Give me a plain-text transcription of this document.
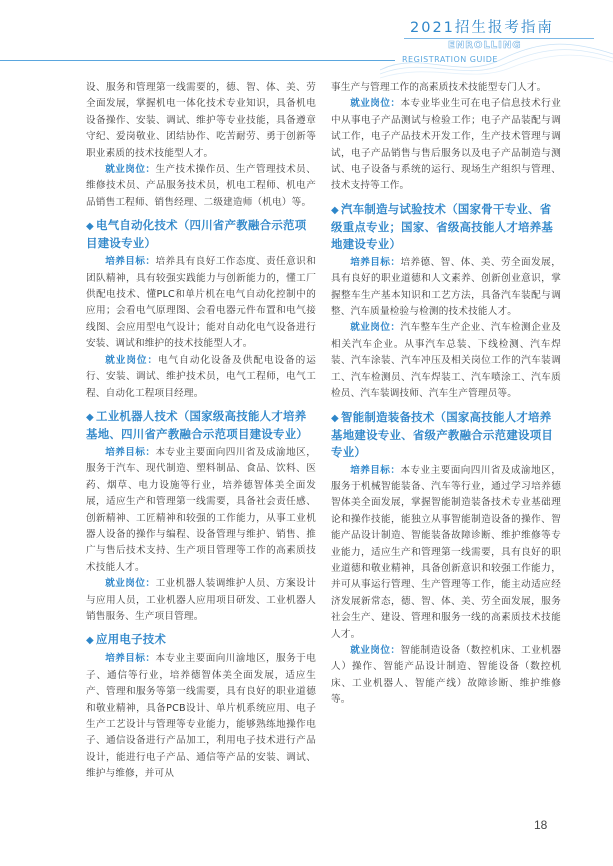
2021招生报考指南
ENROLLING
REGISTRATION GUIDE

设、服务和管理第一线需要的，德、智、体、美、劳全面发展，掌握机电一体化技术专业知识，具备机电设备操作、安装、调试、维护等专业技能，具备遵章守纪、爱岗敬业、团结协作、吃苦耐劳、勇于创新等职业素质的技术技能型人才。

就业岗位：生产技术操作员、生产管理技术员、维修技术员、产品服务技术员，机电工程师、机电产品销售工程师、销售经理、二级建造师（机电）等。

◆ 电气自动化技术（四川省产教融合示范项目建设专业）

培养目标：培养具有良好工作态度、责任意识和团队精神，具有较强实践能力与创新能力的，懂工厂供配电技术、懂PLC和单片机在电气自动化控制中的应用；会看电气原理图、会看电器元件布置和电气接线图、会应用型电气设计；能对自动化电气设备进行安装、调试和维护的技术技能型人才。

就业岗位：电气自动化设备及供配电设备的运行、安装、调试、维护技术员，电气工程师，电气工程、自动化工程项目经理。

◆ 工业机器人技术（国家级高技能人才培养基地、四川省产教融合示范项目建设专业）

培养目标：本专业主要面向四川省及成渝地区，服务于汽车、现代制造、塑料制品、食品、饮料、医药、烟草、电力设施等行业，培养德智体美全面发展，适应生产和管理第一线需要，具备社会责任感、创新精神、工匠精神和较强的工作能力，从事工业机器人设备的操作与编程、设备管理与维护、销售、推广与售后技术支持、生产项目管理等工作的高素质技术技能人才。

就业岗位：工业机器人装调维护人员、方案设计与应用人员，工业机器人应用项目研发、工业机器人销售服务、生产项目管理。

◆ 应用电子技术

培养目标：本专业主要面向川渝地区，服务于电子、通信等行业，培养德智体美全面发展，适应生产、管理和服务等第一线需要，具有良好的职业道德和敬业精神，具备PCB设计、单片机系统应用、电子生产工艺设计与管理等专业能力，能够熟练地操作电子、通信设备进行产品加工，利用电子技术进行产品设计，能进行电子产品、通信等产品的安装、调试、维护与维修，并可从

事生产与管理工作的高素质技术技能型专门人才。

就业岗位：本专业毕业生可在电子信息技术行业中从事电子产品测试与检验工作；电子产品装配与调试工作，电子产品技术开发工作，生产技术管理与调试，电子产品销售与售后服务以及电子产品制造与测试、电子设备与系统的运行、现场生产组织与管理、技术支持等工作。

◆ 汽车制造与试验技术（国家骨干专业、省级重点专业；国家、省级高技能人才培养基地建设专业）

培养目标：培养德、智、体、美、劳全面发展，具有良好的职业道德和人文素养、创新创业意识，掌握整车生产基本知识和工艺方法，具备汽车装配与调整、汽车质量检验与检测的技术技能人才。

就业岗位：汽车整车生产企业、汽车检测企业及相关汽车企业。从事汽车总装、下线检测、汽车焊装、汽车涂装、汽车冲压及相关岗位工作的汽车装调工、汽车检测员、汽车焊装工、汽车喷涂工、汽车质检员、汽车装调技师、汽车生产管理员等。

◆ 智能制造装备技术（国家高技能人才培养基地建设专业、省级产教融合示范建设项目专业）

培养目标：本专业主要面向四川省及成渝地区，服务于机械智能装备、汽车等行业，通过学习培养德智体美全面发展，掌握智能制造装备技术专业基础理论和操作技能，能独立从事智能制造设备的操作、智能产品设计制造、智能装备故障诊断、维护维修等专业能力，适应生产和管理第一线需要，具有良好的职业道德和敬业精神，具备创新意识和较强工作能力，并可从事运行管理、生产管理等工作，能主动适应经济发展新常态，德、智、体、美、劳全面发展，服务社会生产、建设、管理和服务一线的高素质技术技能人才。

就业岗位：智能制造设备（数控机床、工业机器人）操作、智能产品设计制造、智能设备（数控机床、工业机器人、智能产线）故障诊断、维护维修等。

18
